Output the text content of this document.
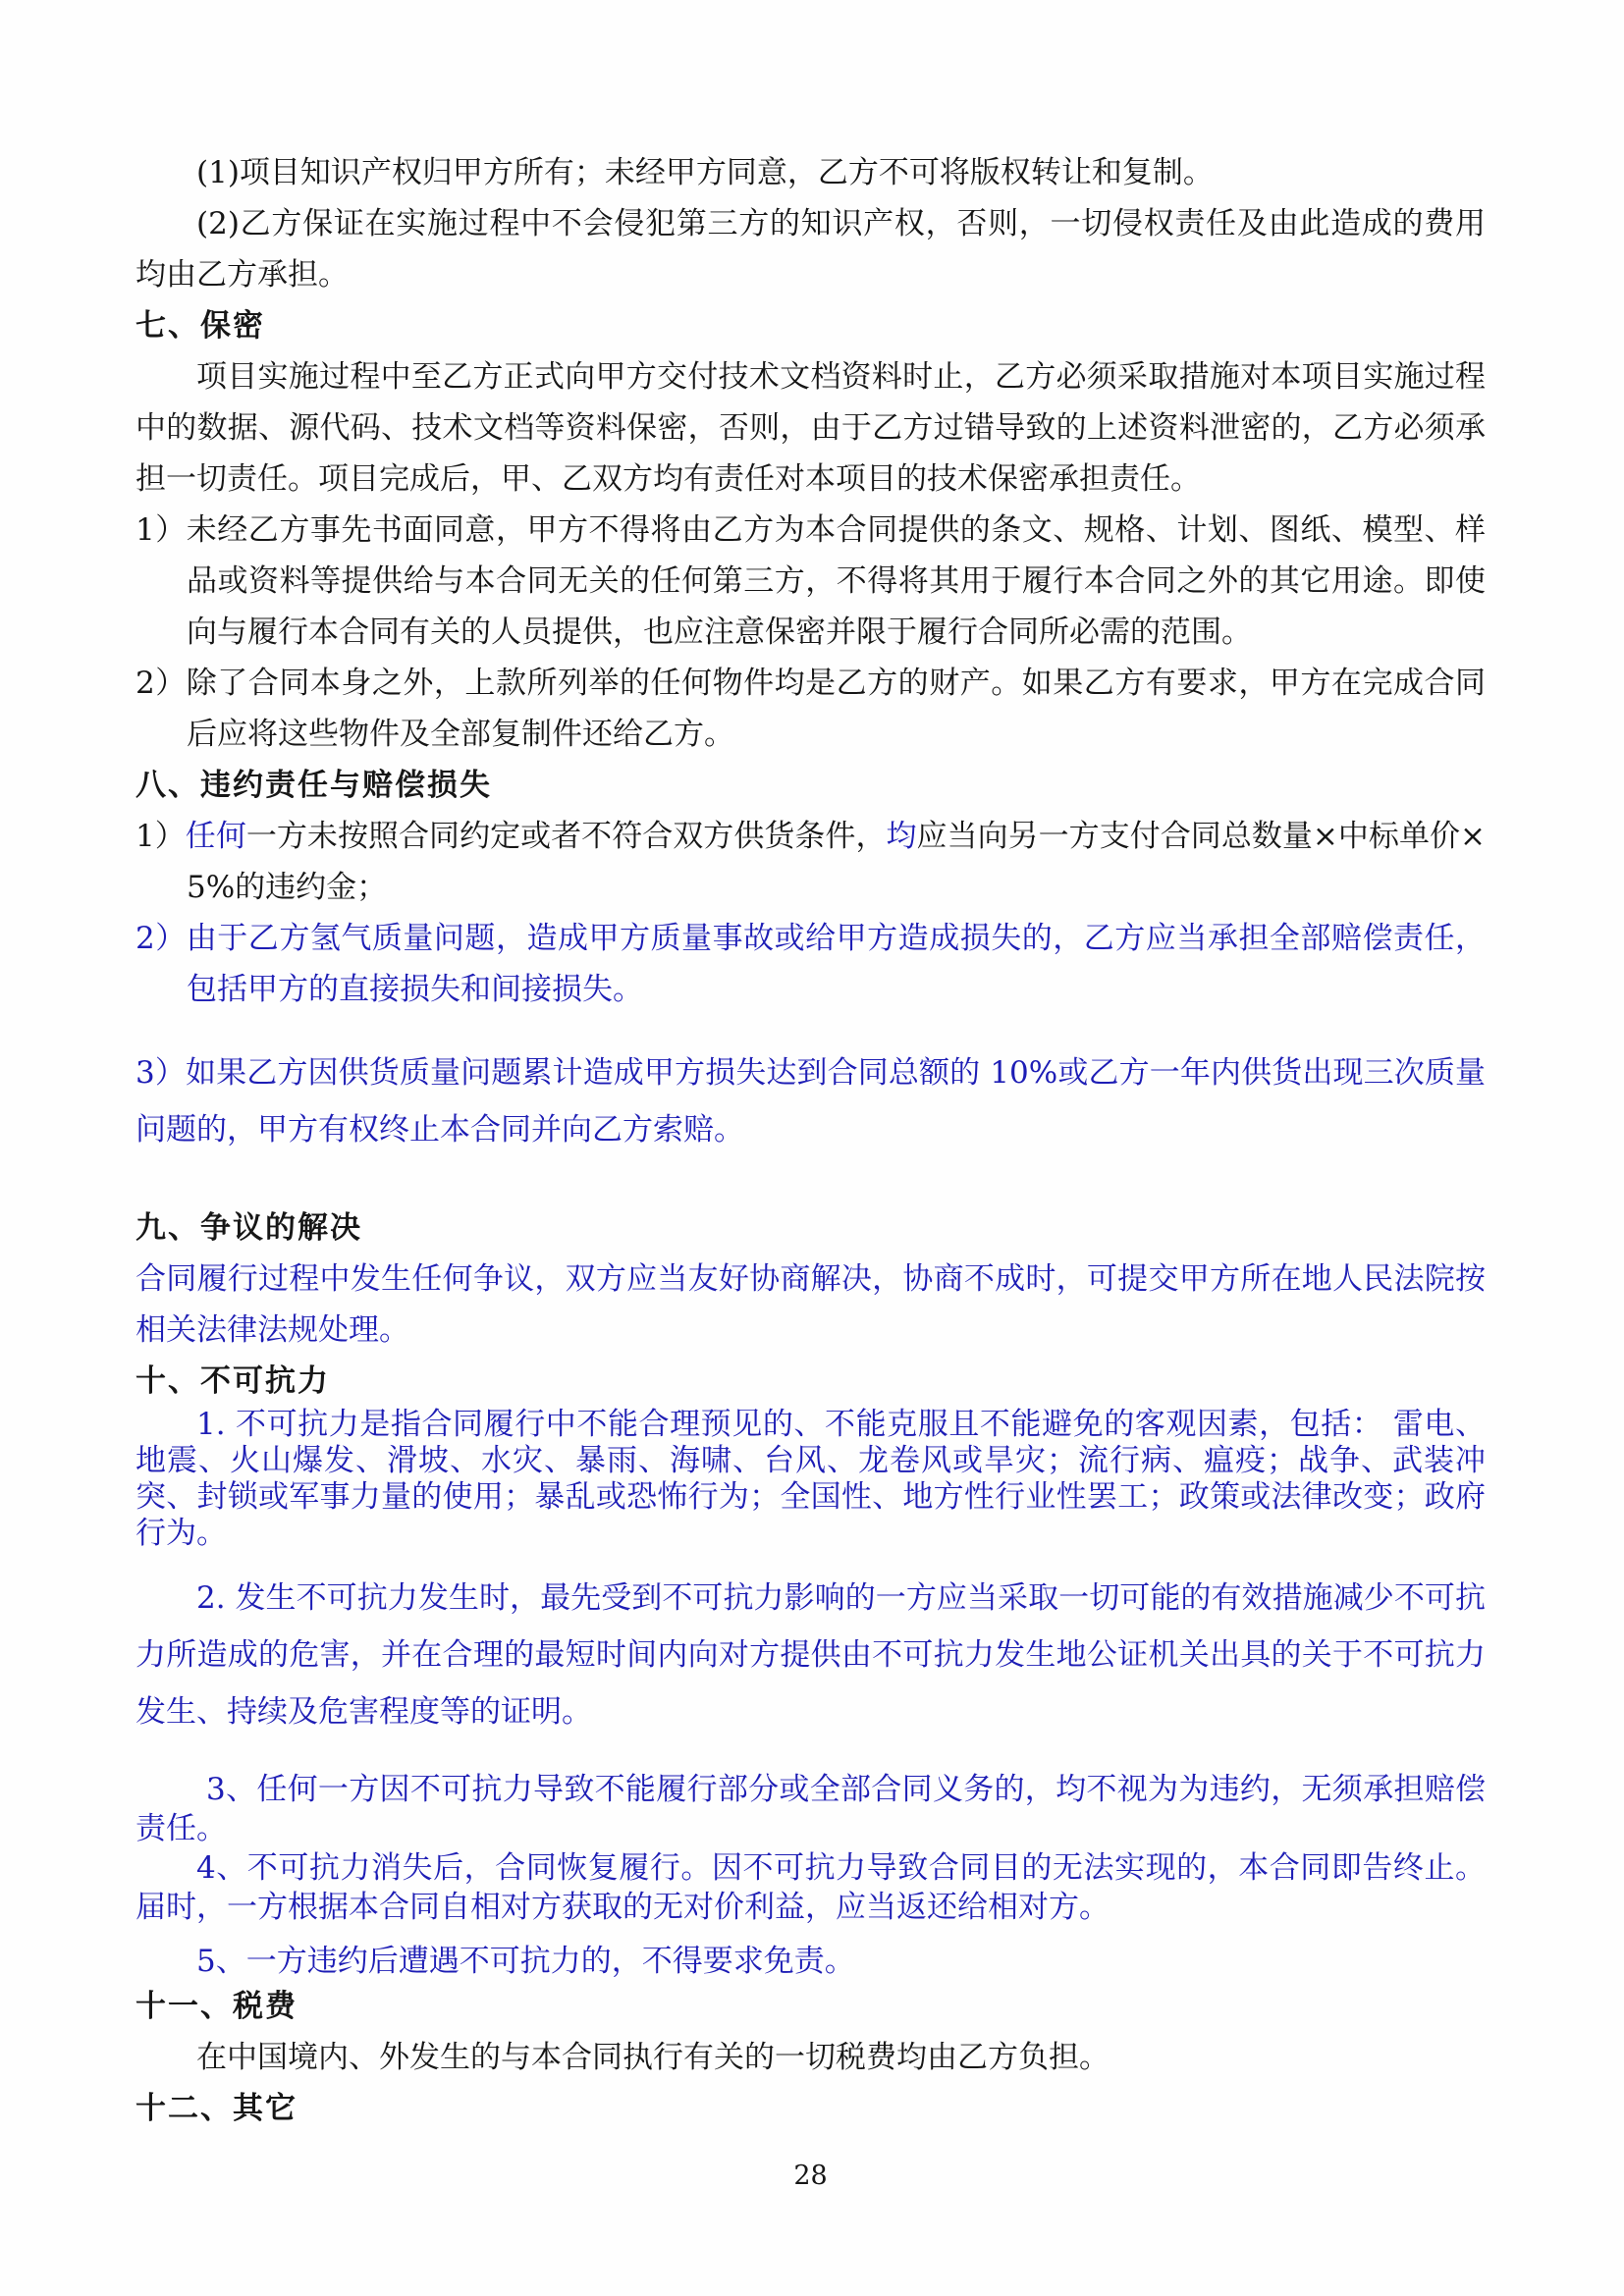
(1)项目知识产权归甲方所有；未经甲方同意，乙方不可将版权转让和复制。

(2)乙方保证在实施过程中不会侵犯第三方的知识产权，否则，一切侵权责任及由此造成的费用均由乙方承担。

七、保密

项目实施过程中至乙方正式向甲方交付技术文档资料时止，乙方必须采取措施对本项目实施过程中的数据、源代码、技术文档等资料保密，否则，由于乙方过错导致的上述资料泄密的，乙方必须承担一切责任。项目完成后，甲、乙双方均有责任对本项目的技术保密承担责任。

1）未经乙方事先书面同意，甲方不得将由乙方为本合同提供的条文、规格、计划、图纸、模型、样品或资料等提供给与本合同无关的任何第三方，不得将其用于履行本合同之外的其它用途。即使向与履行本合同有关的人员提供，也应注意保密并限于履行合同所必需的范围。

2）除了合同本身之外，上款所列举的任何物件均是乙方的财产。如果乙方有要求，甲方在完成合同后应将这些物件及全部复制件还给乙方。

八、违约责任与赔偿损失

1）任何一方未按照合同约定或者不符合双方供货条件，均应当向另一方支付合同总数量×中标单价×5%的违约金；

2）由于乙方氢气质量问题，造成甲方质量事故或给甲方造成损失的，乙方应当承担全部赔偿责任，包括甲方的直接损失和间接损失。

3）如果乙方因供货质量问题累计造成甲方损失达到合同总额的 10%或乙方一年内供货出现三次质量问题的，甲方有权终止本合同并向乙方索赔。

九、争议的解决

合同履行过程中发生任何争议，双方应当友好协商解决，协商不成时，可提交甲方所在地人民法院按相关法律法规处理。

十、不可抗力

1. 不可抗力是指合同履行中不能合理预见的、不能克服且不能避免的客观因素，包括： 雷电、地震、火山爆发、滑坡、水灾、暴雨、海啸、台风、龙卷风或旱灾；流行病、瘟疫；战争、武装冲突、封锁或军事力量的使用；暴乱或恐怖行为；全国性、地方性行业性罢工；政策或法律改变；政府行为。

2. 发生不可抗力发生时，最先受到不可抗力影响的一方应当采取一切可能的有效措施减少不可抗力所造成的危害，并在合理的最短时间内向对方提供由不可抗力发生地公证机关出具的关于不可抗力发生、持续及危害程度等的证明。

3、任何一方因不可抗力导致不能履行部分或全部合同义务的，均不视为为违约，无须承担赔偿责任。

4、不可抗力消失后，合同恢复履行。因不可抗力导致合同目的无法实现的，本合同即告终止。届时，一方根据本合同自相对方获取的无对价利益，应当返还给相对方。

5、一方违约后遭遇不可抗力的，不得要求免责。

十一、税费

在中国境内、外发生的与本合同执行有关的一切税费均由乙方负担。

十二、其它
28
